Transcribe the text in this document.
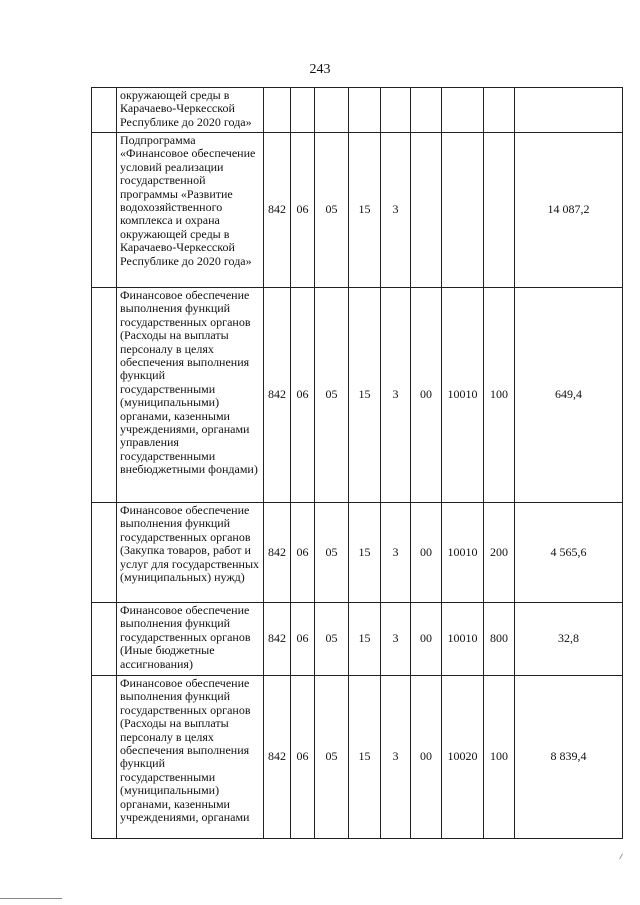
243
	окружающей среды в Карачаево-Черкесской Республике до 2020 года»									
	Подпрограмма «Финансовое обеспечение условий реализации государственной программы «Развитие водохозяйственного комплекса и охрана окружающей среды в Карачаево-Черкесской Республике до 2020 года»	842	06	05	15	3				14 087,2
	Финансовое обеспечение выполнения функций государственных органов (Расходы на выплаты персоналу в целях обеспечения выполнения функций государственными (муниципальными) органами, казенными учреждениями, органами управления государственными внебюджетными фондами)	842	06	05	15	3	00	10010	100	649,4
	Финансовое обеспечение выполнения функций государственных органов (Закупка товаров, работ и услуг для государственных (муниципальных) нужд)	842	06	05	15	3	00	10010	200	4 565,6
	Финансовое обеспечение выполнения функций государственных органов (Иные бюджетные ассигнования)	842	06	05	15	3	00	10010	800	32,8
	Финансовое обеспечение выполнения функций государственных органов (Расходы на выплаты персоналу в целях обеспечения выполнения функций государственными (муниципальными) органами, казенными учреждениями, органами	842	06	05	15	3	00	10020	100	8 839,4
